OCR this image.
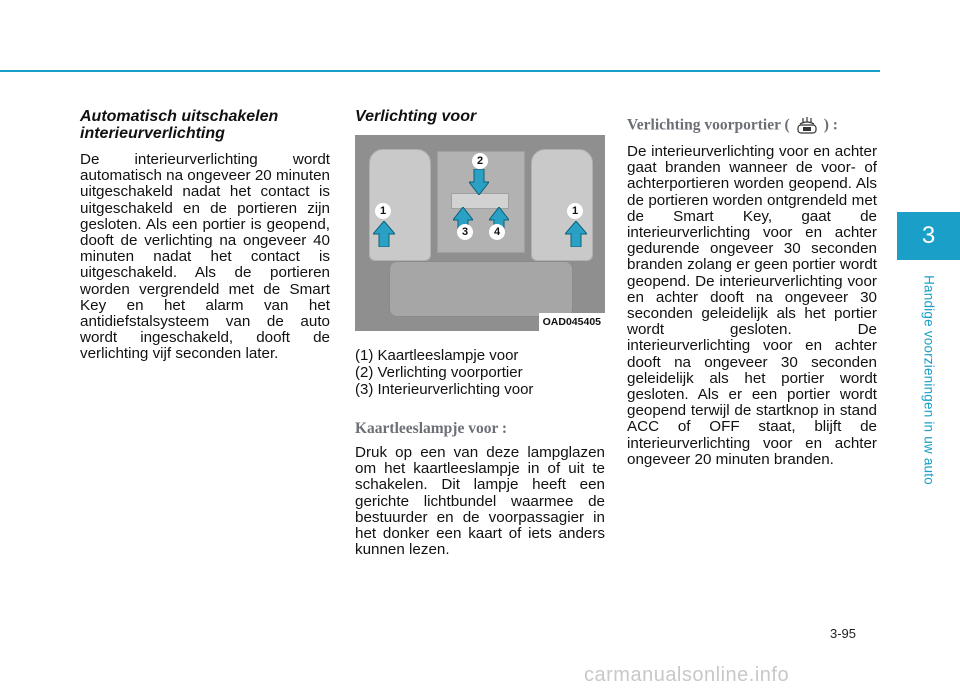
Automatisch uitschakelen interieurverlichting

De interieurverlichting wordt automatisch na ongeveer 20 minuten uitgeschakeld nadat het contact is uitgeschakeld en de portieren zijn gesloten. Als een portier is geopend, dooft de verlichting na ongeveer 40 minuten nadat het contact is uitgeschakeld. Als de portieren worden vergrendeld met de Smart Key en het alarm van het antidiefstalsysteem van de auto wordt ingeschakeld, dooft de verlichting vijf seconden later.

Verlichting voor
2
1	1
3	4
OAD045405

(1) Kaartleeslampje voor

(2) Verlichting voorportier

(3) Interieurverlichting voor

Kaartleeslampje voor :

Druk op een van deze lampglazen om het kaartleeslampje in of uit te schakelen. Dit lampje heeft een gerichte lichtbundel waarmee de bestuurder en de voorpassagier in het donker een kaart of iets anders kunnen lezen.

Verlichting voorportier ( ) :

De interieurverlichting voor en achter gaat branden wanneer de voor- of achterportieren worden geopend. Als de portieren worden ontgrendeld met de Smart Key, gaat de interieurverlichting voor en achter gedurende ongeveer 30 seconden branden zolang er geen portier wordt geopend. De interieurverlichting voor en achter dooft na ongeveer 30 seconden geleidelijk als het portier wordt gesloten. De interieurverlichting voor en achter dooft na ongeveer 30 seconden geleidelijk als het portier wordt gesloten. Als er een portier wordt geopend terwijl de startknop in stand ACC of OFF staat, blijft de interieurverlichting voor en achter ongeveer 20 minuten branden.

3
Handige voorzieningen in uw auto
3-95
carmanualsonline.info
